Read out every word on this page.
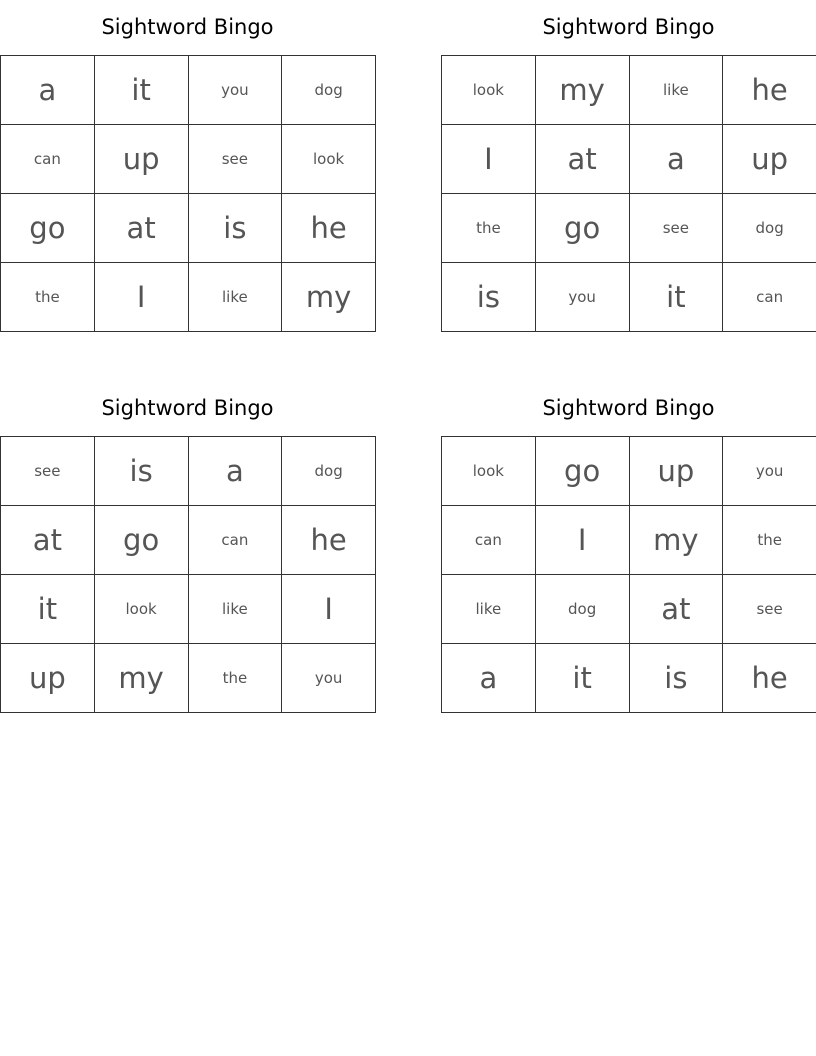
Sightword Bingo
a	it	you	dog
can	up	see	look
go	at	is	he
the	I	like	my
Sightword Bingo
look	my	like	he
I	at	a	up
the	go	see	dog
is	you	it	can
Sightword Bingo
see	is	a	dog
at	go	can	he
it	look	like	I
up	my	the	you
Sightword Bingo
look	go	up	you
can	I	my	the
like	dog	at	see
a	it	is	he
